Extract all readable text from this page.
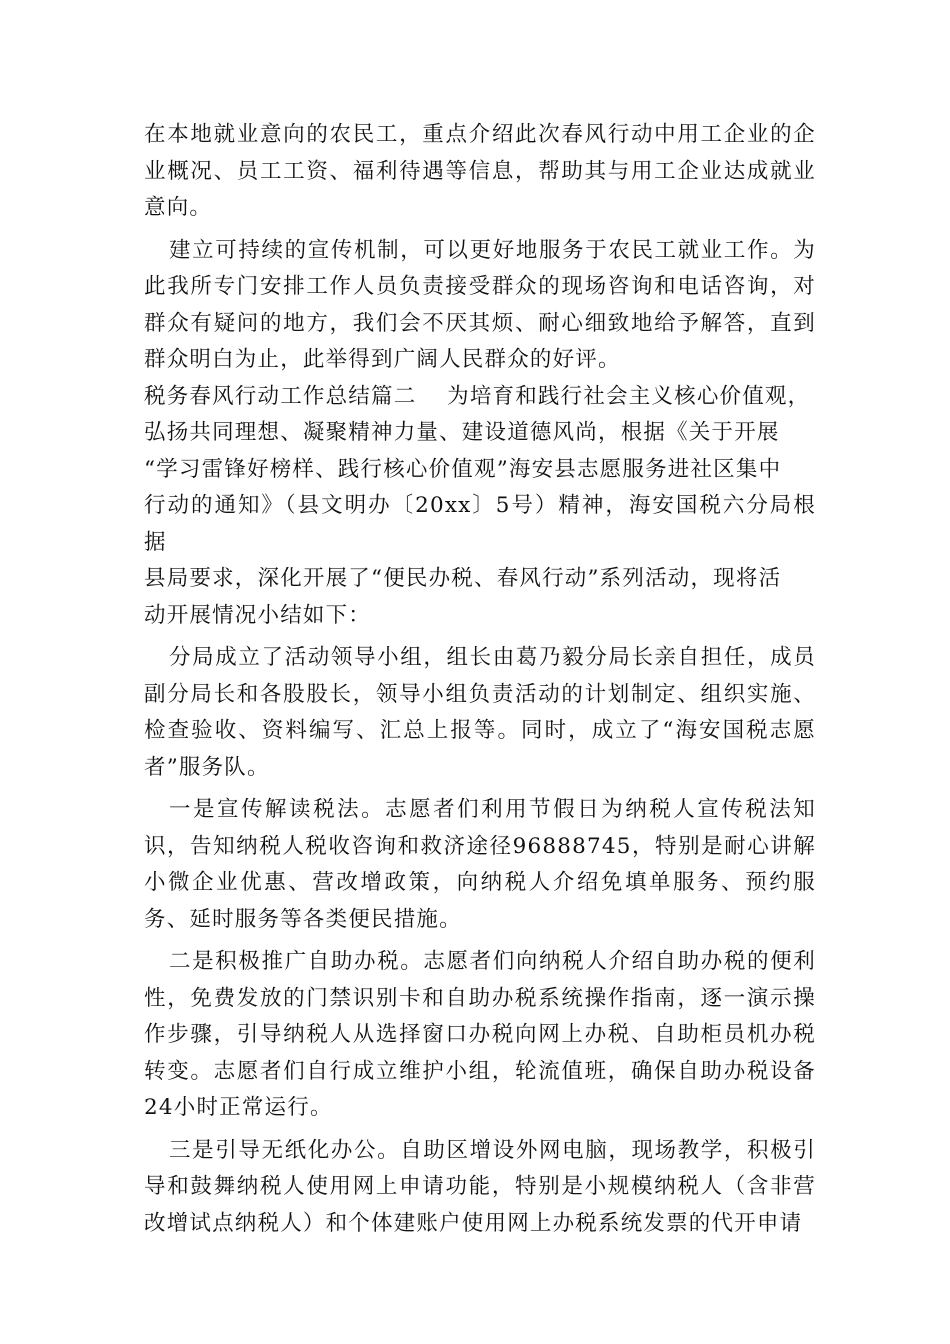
在本地就业意向的农民工，重点介绍此次春风行动中用工企业的企业概况、员工工资、福利待遇等信息，帮助其与用工企业达成就业意向。

建立可持续的宣传机制，可以更好地服务于农民工就业工作。为此我所专门安排工作人员负责接受群众的现场咨询和电话咨询，对群众有疑问的地方，我们会不厌其烦、耐心细致地给予解答，直到群众明白为止，此举得到广阔人民群众的好评。

税务春风行动工作总结篇二　 为培育和践行社会主义核心价值观，

弘扬共同理想、凝聚精神力量、建设道德风尚，根据《关于开展

“学习雷锋好榜样、践行核心价值观”海安县志愿服务进社区集中

行动的通知》（县文明办〔20xx〕5号）精神，海安国税六分局根据

县局要求，深化开展了“便民办税、春风行动”系列活动，现将活

动开展情况小结如下：

分局成立了活动领导小组，组长由葛乃毅分局长亲自担任，成员副分局长和各股股长，领导小组负责活动的计划制定、组织实施、检查验收、资料编写、汇总上报等。同时，成立了“海安国税志愿者”服务队。

一是宣传解读税法。志愿者们利用节假日为纳税人宣传税法知识，告知纳税人税收咨询和救济途径96888745，特别是耐心讲解小微企业优惠、营改增政策，向纳税人介绍免填单服务、预约服务、延时服务等各类便民措施。

二是积极推广自助办税。志愿者们向纳税人介绍自助办税的便利性，免费发放的门禁识别卡和自助办税系统操作指南，逐一演示操作步骤，引导纳税人从选择窗口办税向网上办税、自助柜员机办税转变。志愿者们自行成立维护小组，轮流值班，确保自助办税设备24小时正常运行。

三是引导无纸化办公。自助区增设外网电脑，现场教学，积极引导和鼓舞纳税人使用网上申请功能，特别是小规模纳税人（含非营改增试点纳税人）和个体建账户使用网上办税系统发票的代开申请
